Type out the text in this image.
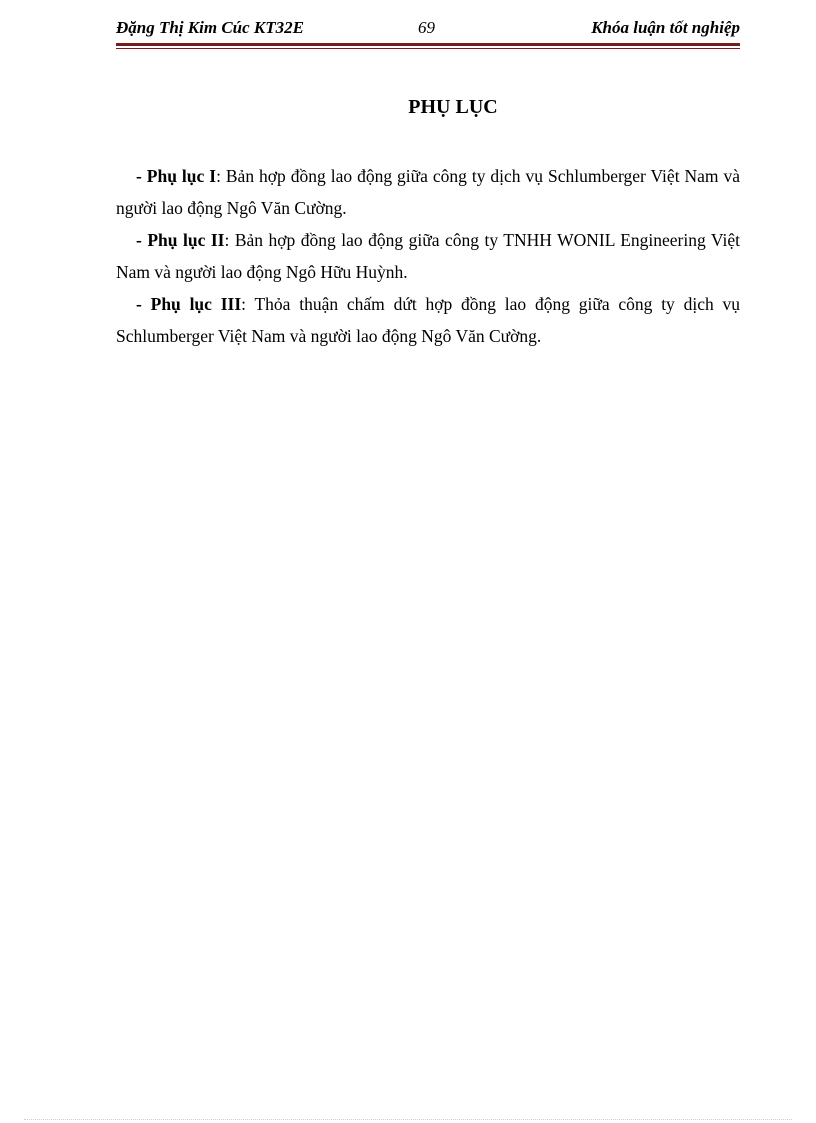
Đặng Thị Kim Cúc KT32E	69	Khóa luận tốt nghiệp
PHỤ LỤC

- Phụ lục I: Bản hợp đồng lao động giữa công ty dịch vụ Schlumberger Việt Nam và người lao động Ngô Văn Cường.

- Phụ lục II: Bản hợp đồng lao động giữa công ty TNHH WONIL Engineering Việt Nam và người lao động Ngô Hữu Huỳnh.

- Phụ lục III: Thỏa thuận chấm dứt hợp đồng lao động giữa công ty dịch vụ Schlumberger Việt Nam và người lao động Ngô Văn Cường.
